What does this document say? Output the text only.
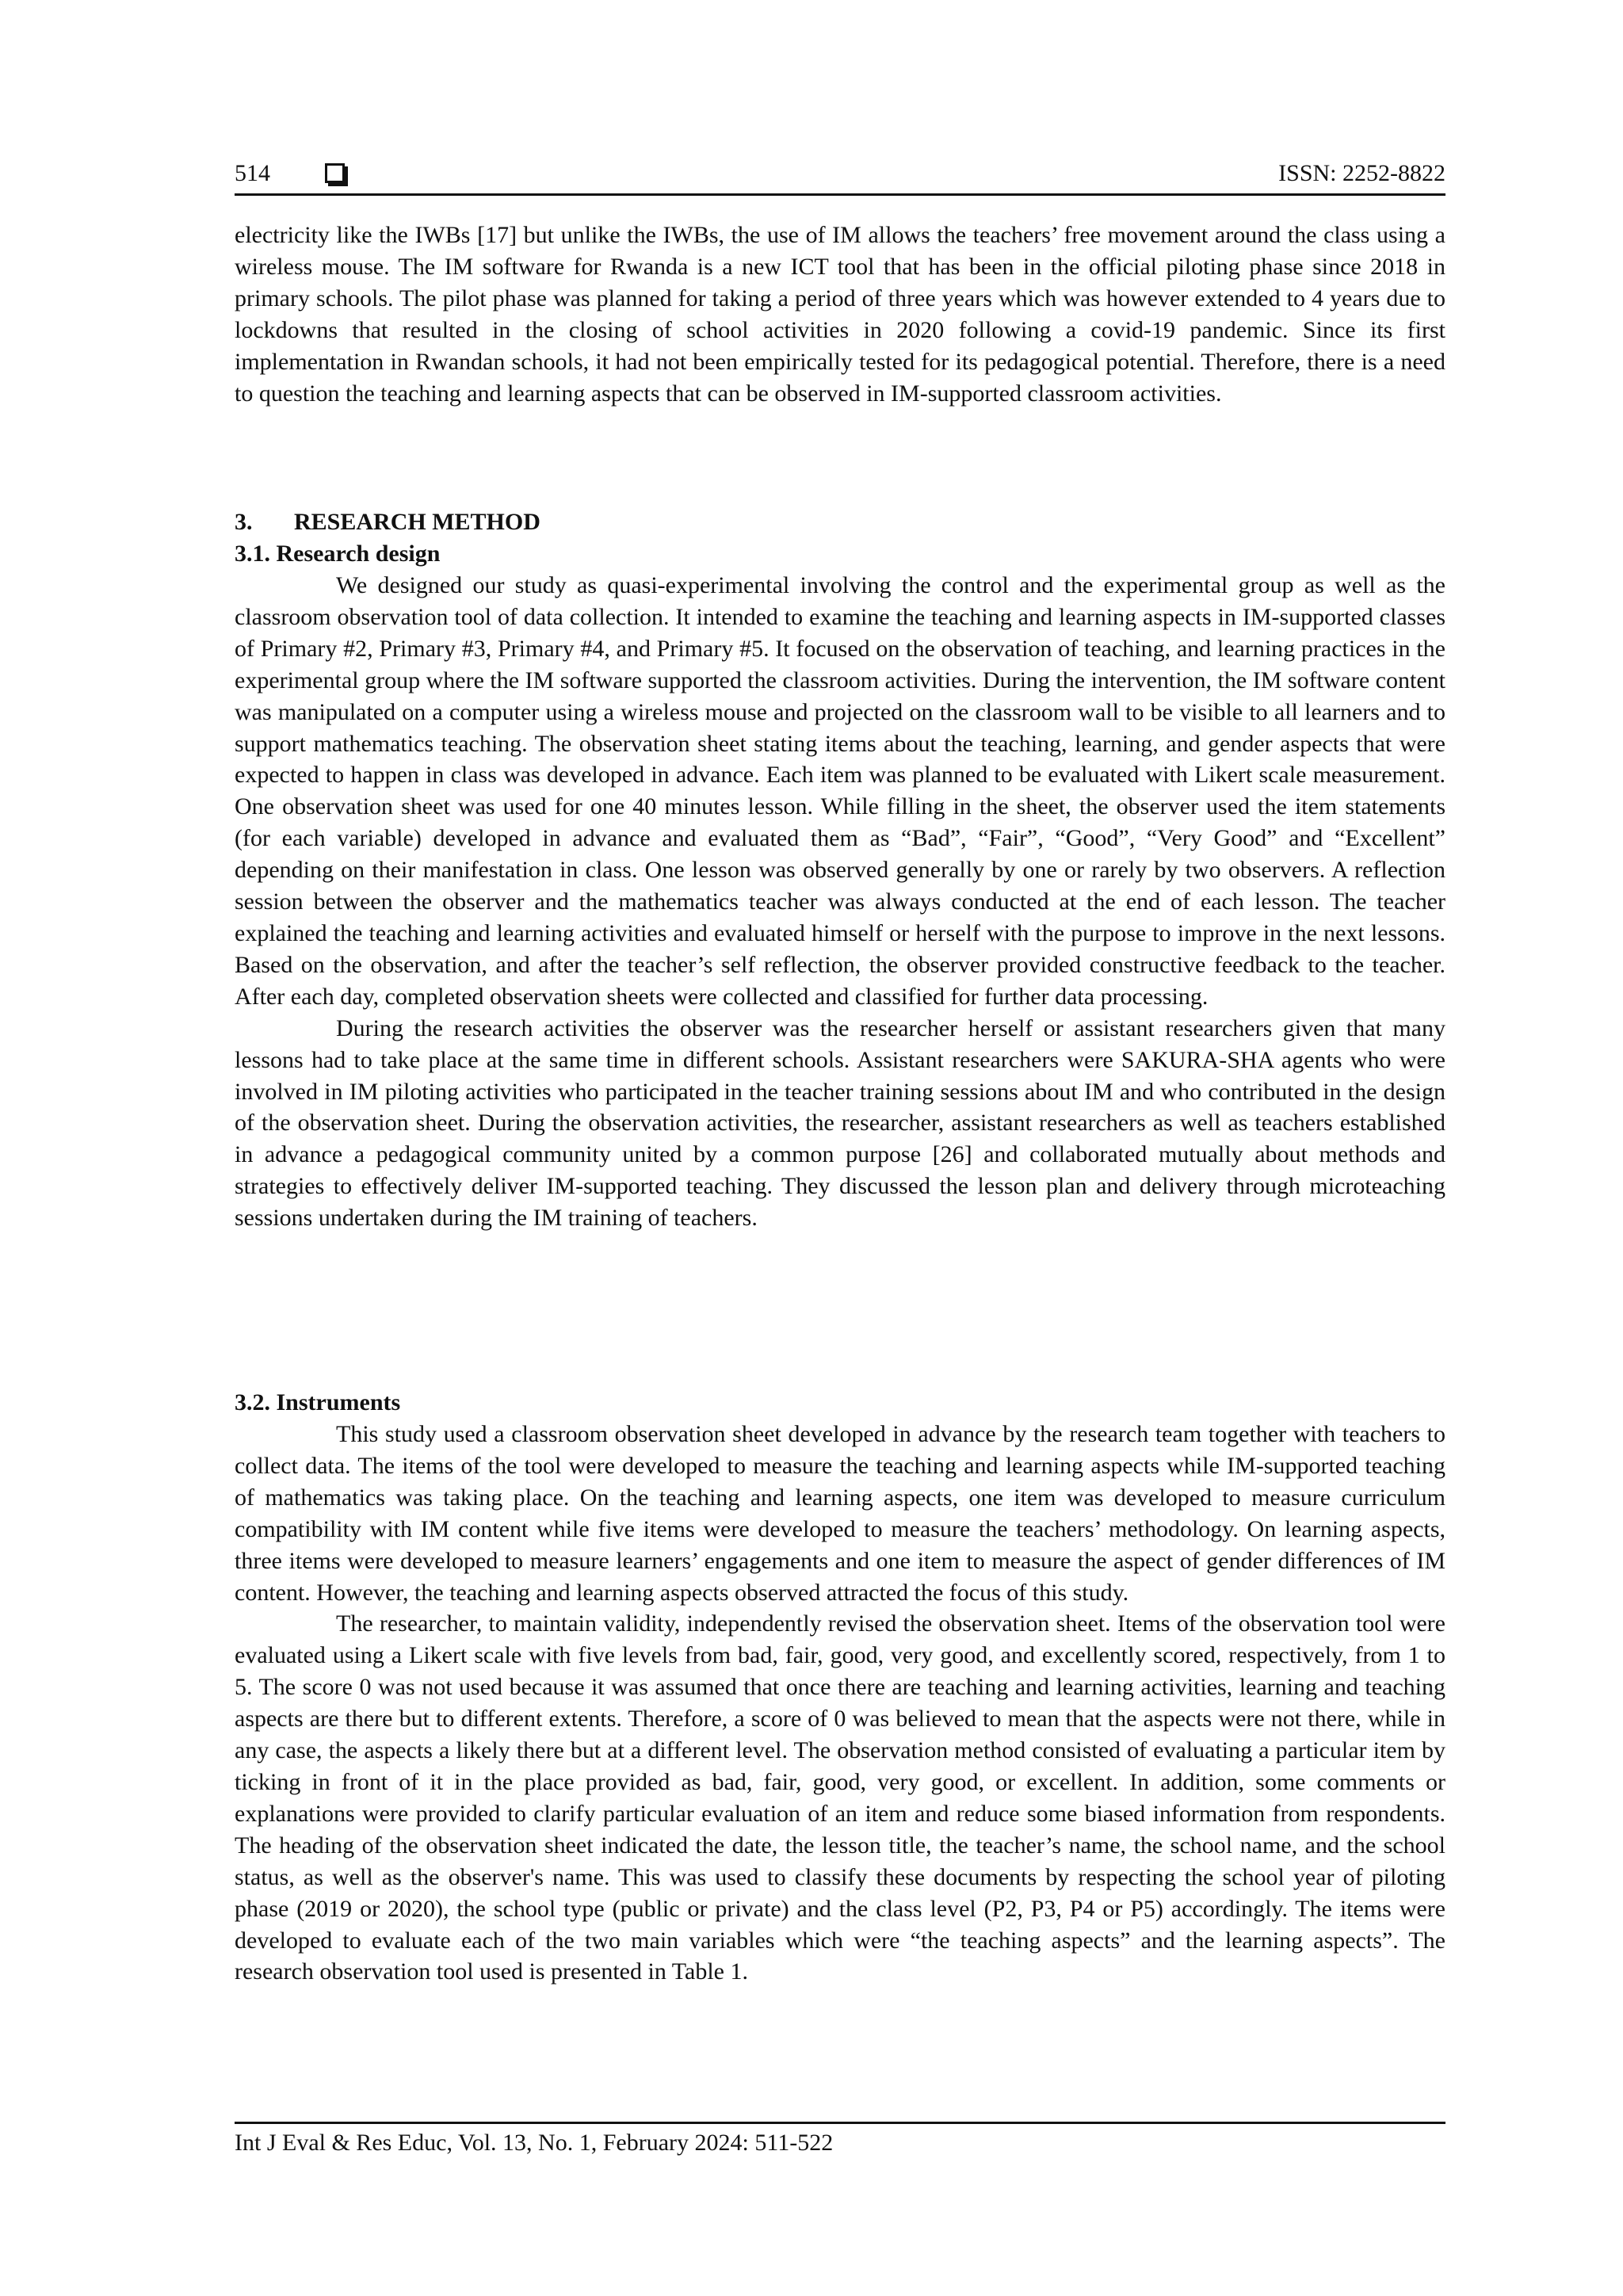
514	ISSN: 2252-8822

electricity like the IWBs [17] but unlike the IWBs, the use of IM allows the teachers’ free movement around the class using a wireless mouse. The IM software for Rwanda is a new ICT tool that has been in the official piloting phase since 2018 in primary schools. The pilot phase was planned for taking a period of three years which was however extended to 4 years due to lockdowns that resulted in the closing of school activities in 2020 following a covid-19 pandemic. Since its first implementation in Rwandan schools, it had not been empirically tested for its pedagogical potential. Therefore, there is a need to question the teaching and learning aspects that can be observed in IM-supported classroom activities.

3. RESEARCH METHOD
3.1. Research design

We designed our study as quasi-experimental involving the control and the experimental group as well as the classroom observation tool of data collection. It intended to examine the teaching and learning aspects in IM-supported classes of Primary #2, Primary #3, Primary #4, and Primary #5. It focused on the observation of teaching, and learning practices in the experimental group where the IM software supported the classroom activities. During the intervention, the IM software content was manipulated on a computer using a wireless mouse and projected on the classroom wall to be visible to all learners and to support mathematics teaching. The observation sheet stating items about the teaching, learning, and gender aspects that were expected to happen in class was developed in advance. Each item was planned to be evaluated with Likert scale measurement. One observation sheet was used for one 40 minutes lesson. While filling in the sheet, the observer used the item statements (for each variable) developed in advance and evaluated them as “Bad”, “Fair”, “Good”, “Very Good” and “Excellent” depending on their manifestation in class. One lesson was observed generally by one or rarely by two observers. A reflection session between the observer and the mathematics teacher was always conducted at the end of each lesson. The teacher explained the teaching and learning activities and evaluated himself or herself with the purpose to improve in the next lessons. Based on the observation, and after the teacher’s self reflection, the observer provided constructive feedback to the teacher. After each day, completed observation sheets were collected and classified for further data processing.

During the research activities the observer was the researcher herself or assistant researchers given that many lessons had to take place at the same time in different schools. Assistant researchers were SAKURA-SHA agents who were involved in IM piloting activities who participated in the teacher training sessions about IM and who contributed in the design of the observation sheet. During the observation activities, the researcher, assistant researchers as well as teachers established in advance a pedagogical community united by a common purpose [26] and collaborated mutually about methods and strategies to effectively deliver IM-supported teaching. They discussed the lesson plan and delivery through microteaching sessions undertaken during the IM training of teachers.

3.2. Instruments

This study used a classroom observation sheet developed in advance by the research team together with teachers to collect data. The items of the tool were developed to measure the teaching and learning aspects while IM-supported teaching of mathematics was taking place. On the teaching and learning aspects, one item was developed to measure curriculum compatibility with IM content while five items were developed to measure the teachers’ methodology. On learning aspects, three items were developed to measure learners’ engagements and one item to measure the aspect of gender differences of IM content. However, the teaching and learning aspects observed attracted the focus of this study.

The researcher, to maintain validity, independently revised the observation sheet. Items of the observation tool were evaluated using a Likert scale with five levels from bad, fair, good, very good, and excellently scored, respectively, from 1 to 5. The score 0 was not used because it was assumed that once there are teaching and learning activities, learning and teaching aspects are there but to different extents. Therefore, a score of 0 was believed to mean that the aspects were not there, while in any case, the aspects a likely there but at a different level. The observation method consisted of evaluating a particular item by ticking in front of it in the place provided as bad, fair, good, very good, or excellent. In addition, some comments or explanations were provided to clarify particular evaluation of an item and reduce some biased information from respondents. The heading of the observation sheet indicated the date, the lesson title, the teacher’s name, the school name, and the school status, as well as the observer's name. This was used to classify these documents by respecting the school year of piloting phase (2019 or 2020), the school type (public or private) and the class level (P2, P3, P4 or P5) accordingly. The items were developed to evaluate each of the two main variables which were “the teaching aspects” and the learning aspects”. The research observation tool used is presented in Table 1.

Int J Eval & Res Educ, Vol. 13, No. 1, February 2024: 511-522
